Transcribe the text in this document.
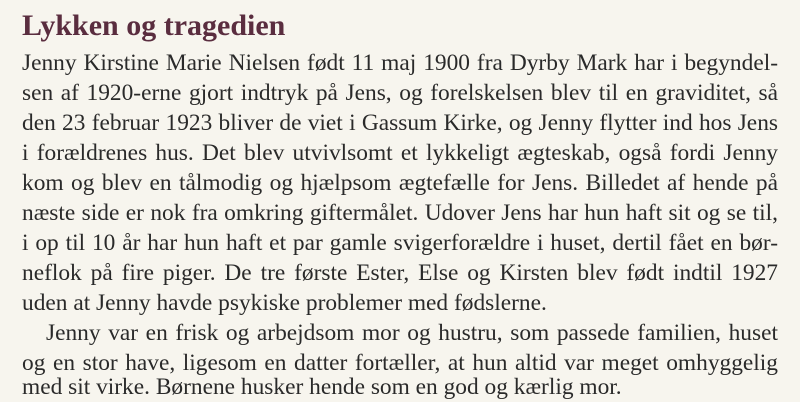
Lykken og tragedien

Jenny Kirstine Marie Nielsen født 11 maj 1900 fra Dyrby Mark har i begyndel-

sen af 1920-erne gjort indtryk på Jens, og forelskelsen blev til en graviditet, så

den 23 februar 1923 bliver de viet i Gassum Kirke, og Jenny flytter ind hos Jens

i forældrenes hus. Det blev utvivlsomt et lykkeligt ægteskab, også fordi Jenny

kom og blev en tålmodig og hjælpsom ægtefælle for Jens. Billedet af hende på

næste side er nok fra omkring giftermålet. Udover Jens har hun haft sit og se til,

i op til 10 år har hun haft et par gamle svigerforældre i huset, dertil fået en bør-

neflok på fire piger. De tre første Ester, Else og Kirsten blev født indtil 1927

uden at Jenny havde psykiske problemer med fødslerne.

Jenny var en frisk og arbejdsom mor og hustru, som passede familien, huset

og en stor have, ligesom en datter fortæller, at hun altid var meget omhyggelig

med sit virke. Børnene husker hende som en god og kærlig mor.
